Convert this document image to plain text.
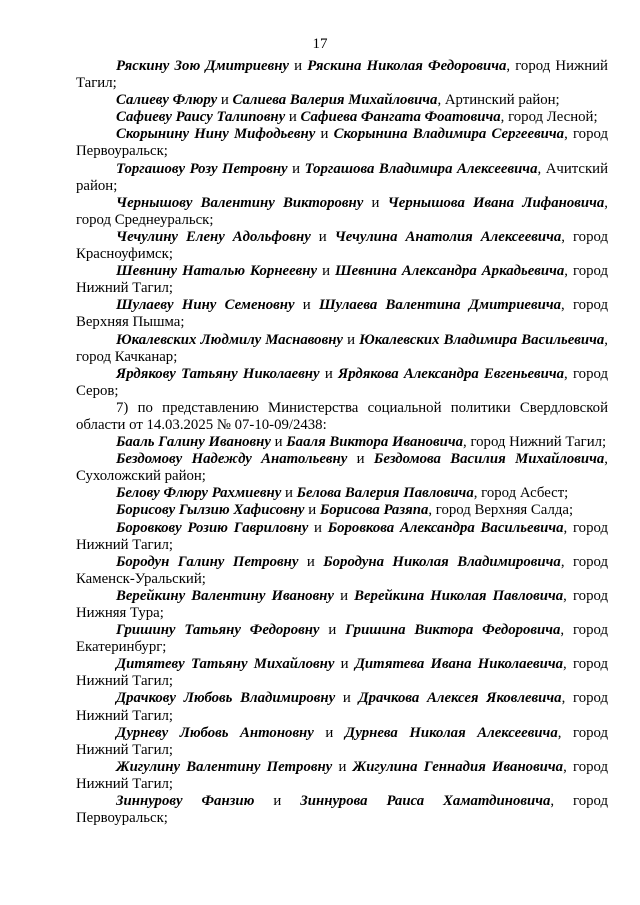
17

Ряскину Зою Дмитриевну и Ряскина Николая Федоровича, город Нижний Тагил;

Салиеву Флюру и Салиева Валерия Михайловича, Артинский район;

Сафиеву Раису Талиповну и Сафиева Фангата Фоатовича, город Лесной;

Скорынину Нину Мифодьевну и Скорынина Владимира Сергеевича, город Первоуральск;

Торгашову Розу Петровну и Торгашова Владимира Алексеевича, Ачитский район;

Чернышову Валентину Викторовну и Чернышова Ивана Лифановича, город Среднеуральск;

Чечулину Елену Адольфовну и Чечулина Анатолия Алексеевича, город Красноуфимск;

Шевнину Наталью Корнеевну и Шевнина Александра Аркадьевича, город Нижний Тагил;

Шулаеву Нину Семеновну и Шулаева Валентина Дмитриевича, город Верхняя Пышма;

Юкалевских Людмилу Маснавовну и Юкалевских Владимира Васильевича, город Качканар;

Ярдякову Татьяну Николаевну и Ярдякова Александра Евгеньевича, город Серов;

7) по представлению Министерства социальной политики Свердловской области от 14.03.2025 № 07-10-09/2438:

Бааль Галину Ивановну и Бааля Виктора Ивановича, город Нижний Тагил;

Бездомову Надежду Анатольевну и Бездомова Василия Михайловича, Сухоложский район;

Белову Флюру Рахмиевну и Белова Валерия Павловича, город Асбест;

Борисову Гылзию Хафисовну и Борисова Разяпа, город Верхняя Салда;

Боровкову Розию Гавриловну и Боровкова Александра Васильевича, город Нижний Тагил;

Бородун Галину Петровну и Бородуна Николая Владимировича, город Каменск-Уральский;

Верейкину Валентину Ивановну и Верейкина Николая Павловича, город Нижняя Тура;

Гришину Татьяну Федоровну и Гришина Виктора Федоровича, город Екатеринбург;

Дитятеву Татьяну Михайловну и Дитятева Ивана Николаевича, город Нижний Тагил;

Драчкову Любовь Владимировну и Драчкова Алексея Яковлевича, город Нижний Тагил;

Дурневу Любовь Антоновну и Дурнева Николая Алексеевича, город Нижний Тагил;

Жигулину Валентину Петровну и Жигулина Геннадия Ивановича, город Нижний Тагил;

Зиннурову Фанзию и Зиннурова Раиса Хаматдиновича, город Первоуральск;
